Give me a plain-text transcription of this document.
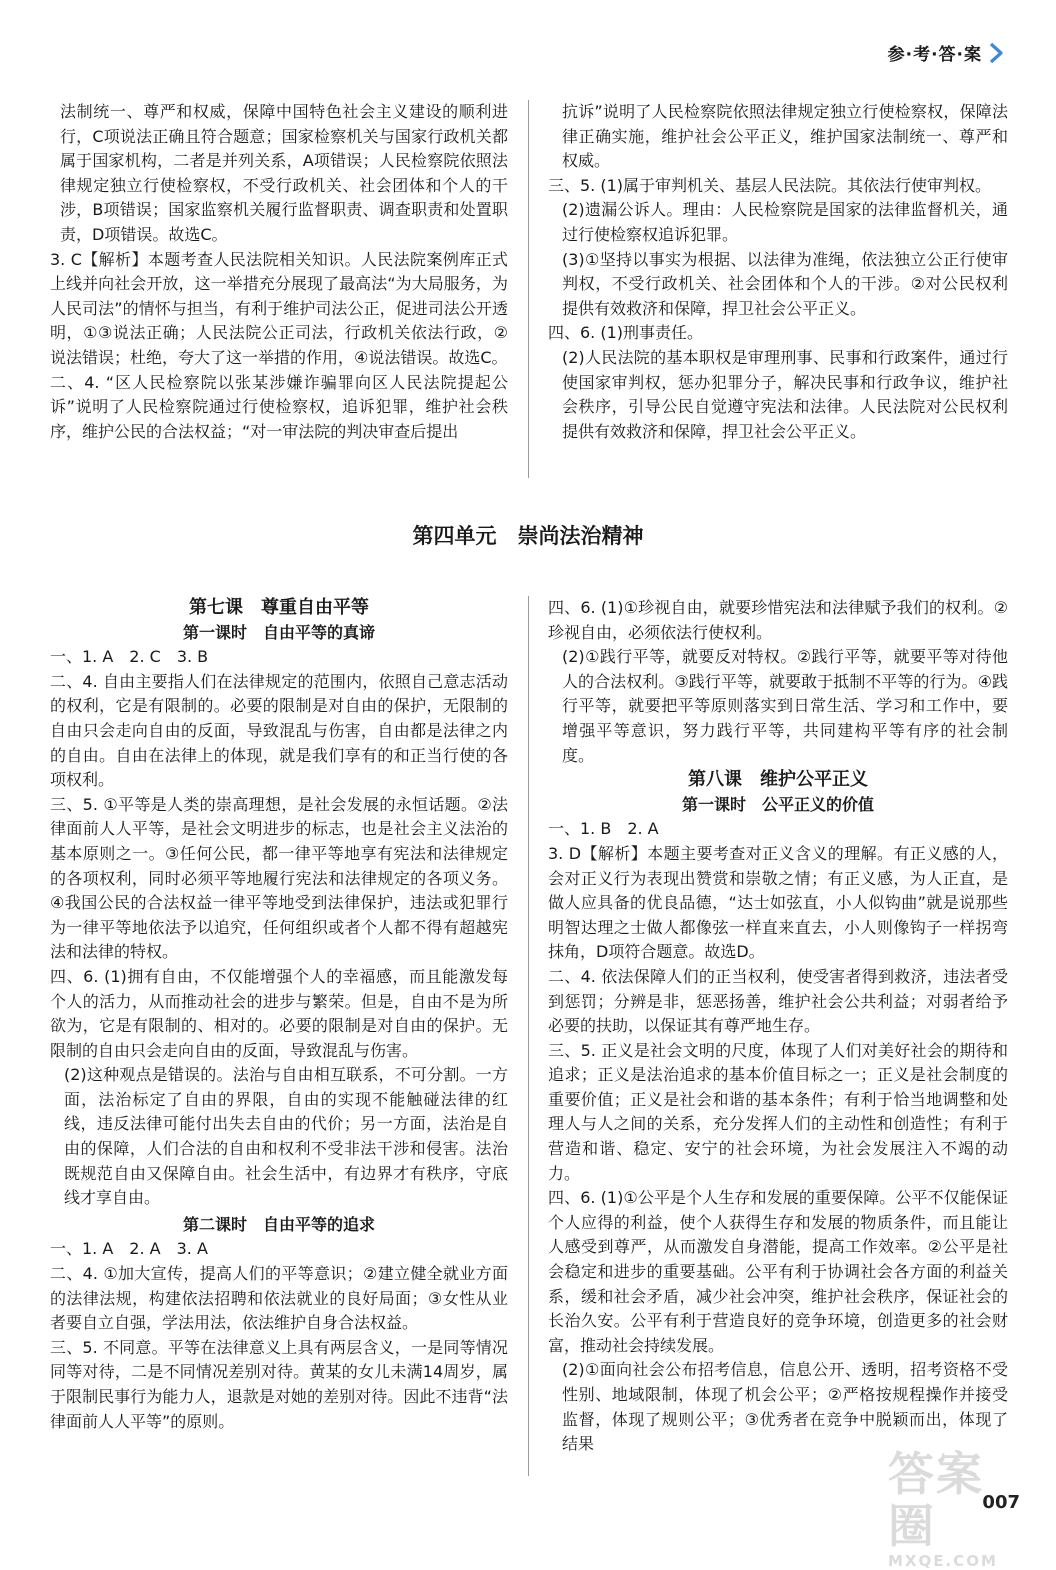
参·考·答·案

法制统一、尊严和权威，保障中国特色社会主义建设的顺利进行，C项说法正确且符合题意；国家检察机关与国家行政机关都属于国家机构，二者是并列关系，A项错误；人民检察院依照法律规定独立行使检察权，不受行政机关、社会团体和个人的干涉，B项错误；国家监察机关履行监督职责、调查职责和处置职责，D项错误。故选C。

3. C【解析】本题考查人民法院相关知识。人民法院案例库正式上线并向社会开放，这一举措充分展现了最高法“为大局服务，为人民司法”的情怀与担当，有利于维护司法公正，促进司法公开透明，①③说法正确；人民法院公正司法，行政机关依法行政，②说法错误；杜绝，夸大了这一举措的作用，④说法错误。故选C。

二、4. “区人民检察院以张某涉嫌诈骗罪向区人民法院提起公诉”说明了人民检察院通过行使检察权，追诉犯罪，维护社会秩序，维护公民的合法权益；“对一审法院的判决审查后提出

抗诉”说明了人民检察院依照法律规定独立行使检察权，保障法律正确实施，维护社会公平正义，维护国家法制统一、尊严和权威。

三、5. (1)属于审判机关、基层人民法院。其依法行使审判权。

(2)遗漏公诉人。理由：人民检察院是国家的法律监督机关，通过行使检察权追诉犯罪。

(3)①坚持以事实为根据、以法律为准绳，依法独立公正行使审判权，不受行政机关、社会团体和个人的干涉。②对公民权利提供有效救济和保障，捍卫社会公平正义。

四、6. (1)刑事责任。

(2)人民法院的基本职权是审理刑事、民事和行政案件，通过行使国家审判权，惩办犯罪分子，解决民事和行政争议，维护社会秩序，引导公民自觉遵守宪法和法律。人民法院对公民权利提供有效救济和保障，捍卫社会公平正义。

第四单元　崇尚法治精神

第七课　尊重自由平等

第一课时　自由平等的真谛

一、1. A　2. C　3. B

二、4. 自由主要指人们在法律规定的范围内，依照自己意志活动的权利，它是有限制的。必要的限制是对自由的保护，无限制的自由只会走向自由的反面，导致混乱与伤害，自由都是法律之内的自由。自由在法律上的体现，就是我们享有的和正当行使的各项权利。

三、5. ①平等是人类的崇高理想，是社会发展的永恒话题。②法律面前人人平等，是社会文明进步的标志，也是社会主义法治的基本原则之一。③任何公民，都一律平等地享有宪法和法律规定的各项权利，同时必须平等地履行宪法和法律规定的各项义务。④我国公民的合法权益一律平等地受到法律保护，违法或犯罪行为一律平等地依法予以追究，任何组织或者个人都不得有超越宪法和法律的特权。

四、6. (1)拥有自由，不仅能增强个人的幸福感，而且能激发每个人的活力，从而推动社会的进步与繁荣。但是，自由不是为所欲为，它是有限制的、相对的。必要的限制是对自由的保护。无限制的自由只会走向自由的反面，导致混乱与伤害。

(2)这种观点是错误的。法治与自由相互联系，不可分割。一方面，法治标定了自由的界限，自由的实现不能触碰法律的红线，违反法律可能付出失去自由的代价；另一方面，法治是自由的保障，人们合法的自由和权利不受非法干涉和侵害。法治既规范自由又保障自由。社会生活中，有边界才有秩序，守底线才享自由。

第二课时　自由平等的追求

一、1. A　2. A　3. A

二、4. ①加大宣传，提高人们的平等意识；②建立健全就业方面的法律法规，构建依法招聘和依法就业的良好局面；③女性从业者要自立自强，学法用法，依法维护自身合法权益。

三、5. 不同意。平等在法律意义上具有两层含义，一是同等情况同等对待，二是不同情况差别对待。黄某的女儿未满14周岁，属于限制民事行为能力人，退款是对她的差别对待。因此不违背“法律面前人人平等”的原则。

四、6. (1)①珍视自由，就要珍惜宪法和法律赋予我们的权利。②珍视自由，必须依法行使权利。

(2)①践行平等，就要反对特权。②践行平等，就要平等对待他人的合法权利。③践行平等，就要敢于抵制不平等的行为。④践行平等，就要把平等原则落实到日常生活、学习和工作中，要增强平等意识，努力践行平等，共同建构平等有序的社会制度。

第八课　维护公平正义

第一课时　公平正义的价值

一、1. B　2. A

3. D【解析】本题主要考查对正义含义的理解。有正义感的人，会对正义行为表现出赞赏和崇敬之情；有正义感，为人正直，是做人应具备的优良品德，“达士如弦直，小人似钩曲”就是说那些明智达理之士做人都像弦一样直来直去，小人则像钩子一样拐弯抹角，D项符合题意。故选D。

二、4. 依法保障人们的正当权利，使受害者得到救济，违法者受到惩罚；分辨是非，惩恶扬善，维护社会公共利益；对弱者给予必要的扶助，以保证其有尊严地生存。

三、5. 正义是社会文明的尺度，体现了人们对美好社会的期待和追求；正义是法治追求的基本价值目标之一；正义是社会制度的重要价值；正义是社会和谐的基本条件；有利于恰当地调整和处理人与人之间的关系，充分发挥人们的主动性和创造性；有利于营造和谐、稳定、安宁的社会环境，为社会发展注入不竭的动力。

四、6. (1)①公平是个人生存和发展的重要保障。公平不仅能保证个人应得的利益，使个人获得生存和发展的物质条件，而且能让人感受到尊严，从而激发自身潜能，提高工作效率。②公平是社会稳定和进步的重要基础。公平有利于协调社会各方面的利益关系，缓和社会矛盾，减少社会冲突，维护社会秩序，保证社会的长治久安。公平有利于营造良好的竞争环境，创造更多的社会财富，推动社会持续发展。

(2)①面向社会公布招考信息，信息公开、透明，招考资格不受性别、地域限制，体现了机会公平；②严格按规程操作并接受监督，体现了规则公平；③优秀者在竞争中脱颖而出，体现了结果

答案圈
MXQE.COM
007
